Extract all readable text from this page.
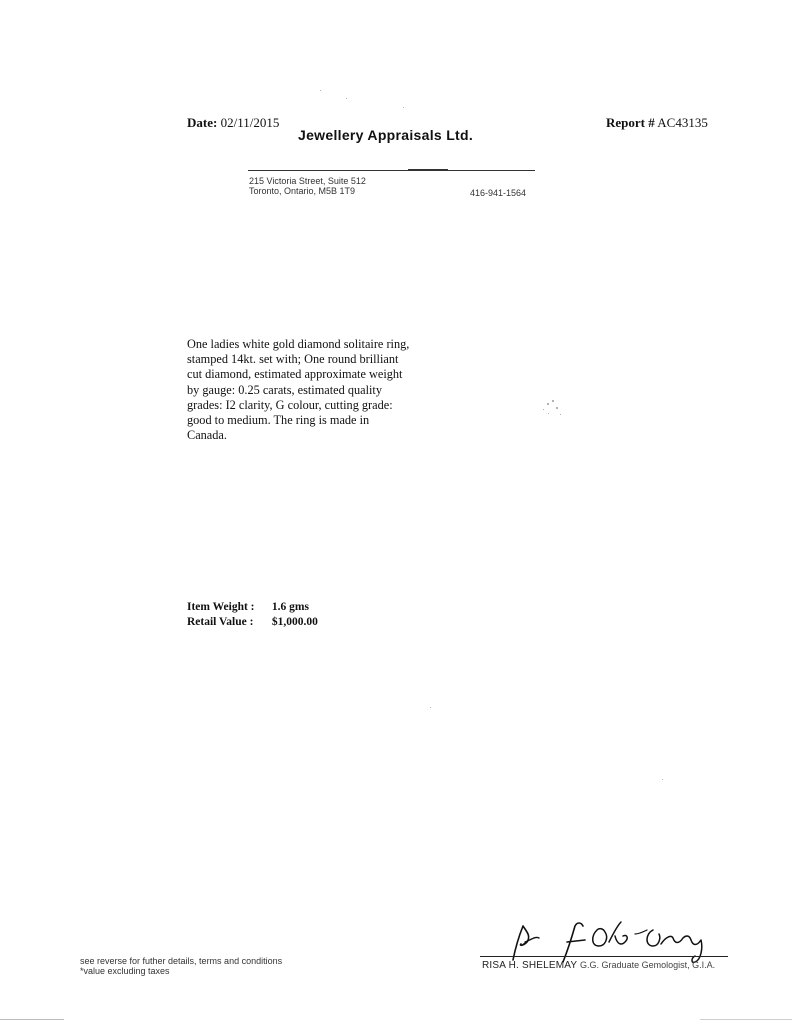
Date: 02/11/2015	Report # AC43135
Jewellery Appraisals Ltd.
215 Victoria Street, Suite 512
Toronto, Ontario, M5B 1T9	416-941-1564
One ladies white gold diamond solitaire ring,
stamped 14kt. set with; One round brilliant
cut diamond, estimated approximate weight
by gauge: 0.25 carats, estimated quality
grades: I2 clarity, G colour, cutting grade:
good to medium. The ring is made in
Canada.
Item Weight : 1.6 gms
Retail Value : $1,000.00
see reverse for futher details, terms and conditions
*value excluding taxes	RISA H. SHELEMAY G.G. Graduate Gemologist, G.I.A.
